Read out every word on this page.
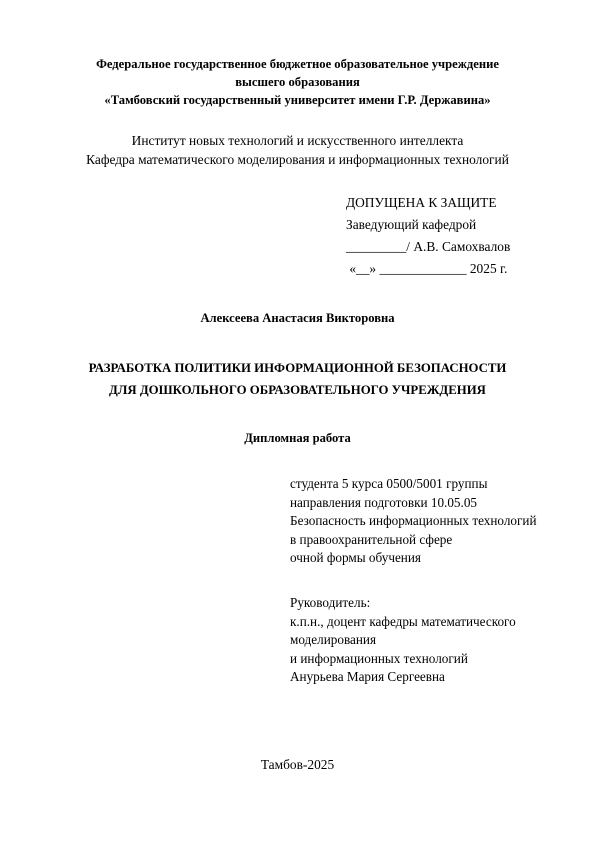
Федеральное государственное бюджетное образовательное учреждение
высшего образования
«Тамбовский государственный университет имени Г.Р. Державина»
Институт новых технологий и искусственного интеллекта
Кафедра математического моделирования и информационных технологий
ДОПУЩЕНА К ЗАЩИТЕ
Заведующий кафедрой
_________/ А.В. Самохвалов
«__» _____________ 2025 г.
Алексеева Анастасия Викторовна
РАЗРАБОТКА ПОЛИТИКИ ИНФОРМАЦИОННОЙ БЕЗОПАСНОСТИ
ДЛЯ ДОШКОЛЬНОГО ОБРАЗОВАТЕЛЬНОГО УЧРЕЖДЕНИЯ
Дипломная работа
студента 5 курса 0500/5001 группы
направления подготовки 10.05.05
Безопасность информационных технологий
в правоохранительной сфере
очной формы обучения
Руководитель:
к.п.н., доцент кафедры математического
моделирования
и информационных технологий
Анурьева Мария Сергеевна
Тамбов-2025
